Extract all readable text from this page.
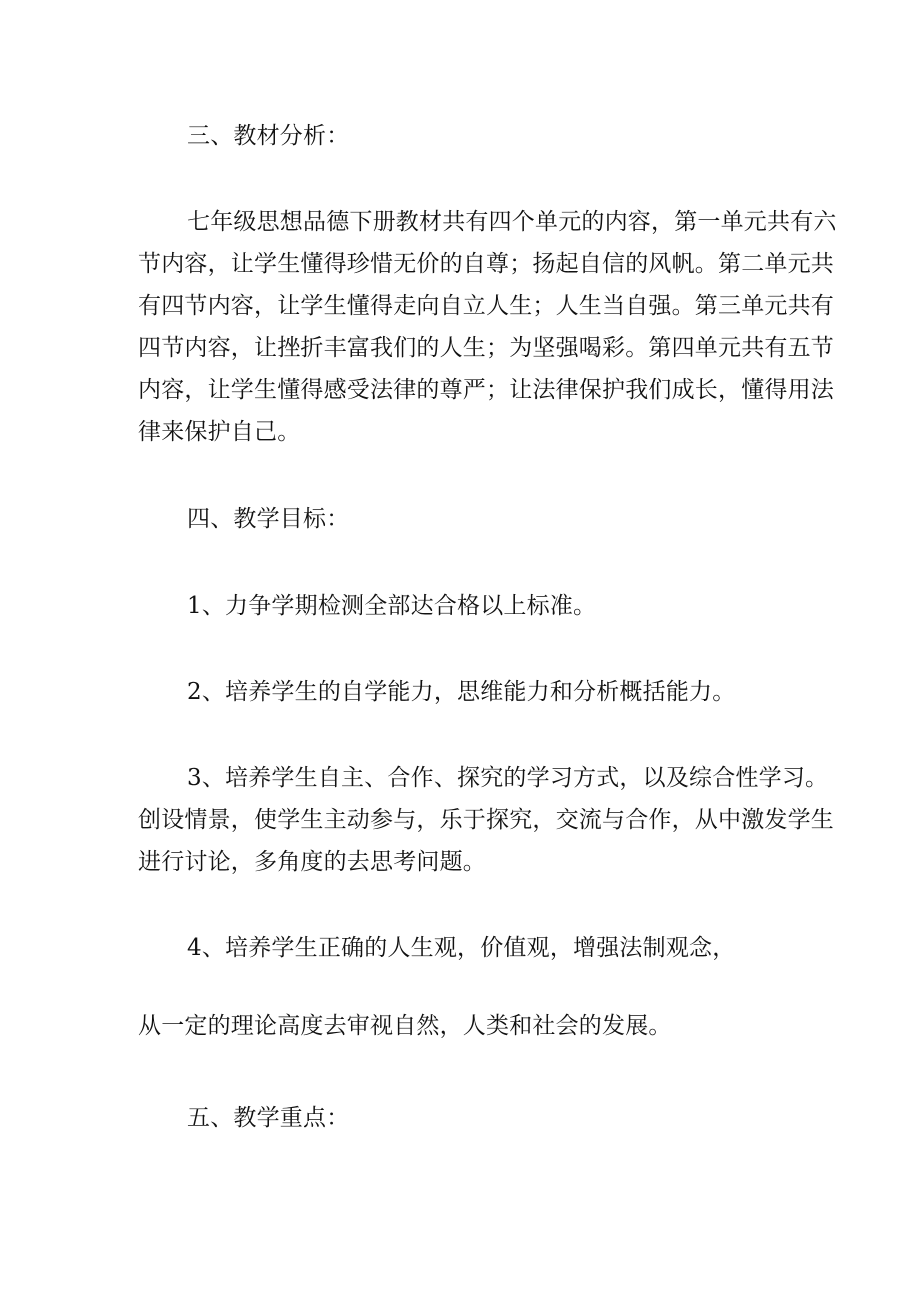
三、教材分析：
七年级思想品德下册教材共有四个单元的内容，第一单元共有六
节内容，让学生懂得珍惜无价的自尊；扬起自信的风帆。第二单元共
有四节内容，让学生懂得走向自立人生；人生当自强。第三单元共有
四节内容，让挫折丰富我们的人生；为坚强喝彩。第四单元共有五节
内容，让学生懂得感受法律的尊严；让法律保护我们成长，懂得用法
律来保护自己。
四、教学目标：
1、力争学期检测全部达合格以上标准。
2、培养学生的自学能力，思维能力和分析概括能力。
3、培养学生自主、合作、探究的学习方式，以及综合性学习。
创设情景，使学生主动参与，乐于探究，交流与合作，从中激发学生
进行讨论，多角度的去思考问题。
4、培养学生正确的人生观，价值观，增强法制观念，
从一定的理论高度去审视自然，人类和社会的发展。
五、教学重点：
